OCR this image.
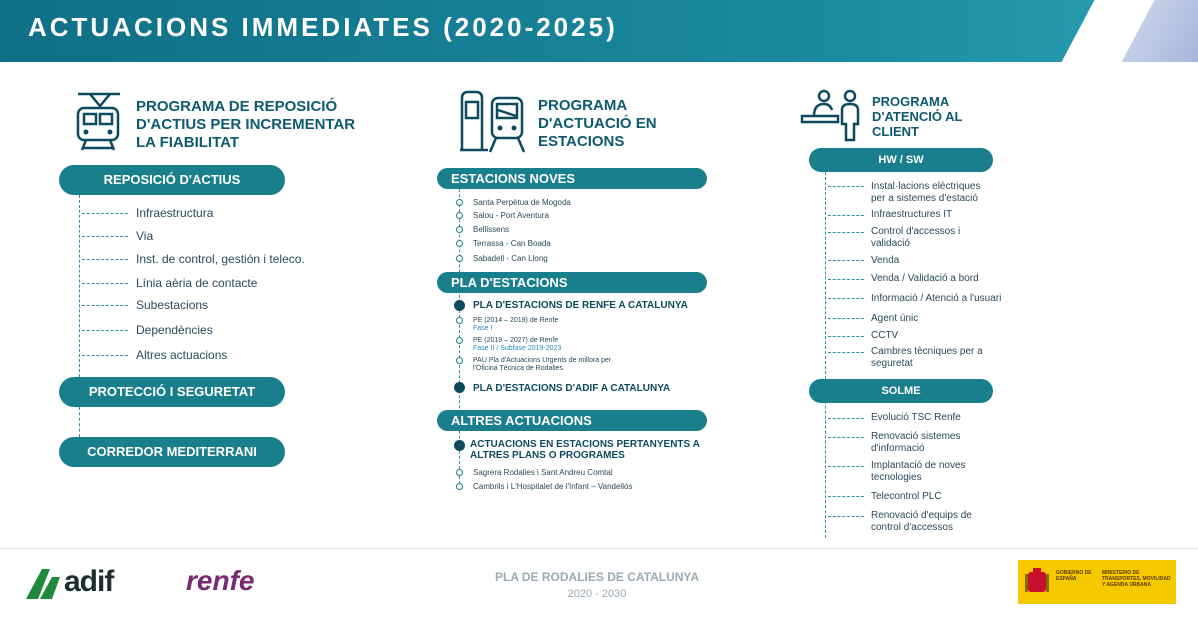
ACTUACIONS IMMEDIATES (2020-2025)
PROGRAMA DE REPOSICIÓ
D'ACTIUS PER INCREMENTAR
LA FIABILITAT
REPOSICIÓ D'ACTIUS
Infraestructura
Via
Inst. de control, gestión i teleco.
Línia aèria de contacte
Subestacions
Dependències
Altres actuacions
PROTECCIÓ I SEGURETAT
CORREDOR MEDITERRANI
PROGRAMA
D'ACTUACIÓ EN
ESTACIONS
ESTACIONS NOVES
Santa Perpètua de Mogoda
Salou - Port Aventura
Bellissens
Terrassa - Can Boada
Sabadell - Can Llong
PLA D'ESTACIONS
PLA D'ESTACIONS DE RENFE A CATALUNYA
PE (2014 – 2019) de Renfe
Fase I
PE (2019 – 2027) de Renfe
Fase II / Subfase 2019-2023
PAU Pla d'Actuacions Urgents de millora per
l'Oficina Tècnica de Rodalies
PLA D'ESTACIONS D'ADIF A CATALUNYA
ALTRES ACTUACIONS
ACTUACIONS EN ESTACIONS PERTANYENTS A
ALTRES PLANS O PROGRAMES
Sagrera Rodalies i Sant Andreu Comtal
Cambrils i L'Hospitalet de l'Infant – Vandellòs
PROGRAMA
D'ATENCIÓ AL
CLIENT
HW / SW
Instal·lacions elèctriques
per a sistemes d'estació
Infraestructures IT
Control d'accessos i
validació
Venda
Venda / Validació a bord
Informació / Atenció a l'usuari
Agent únic
CCTV
Cambres tècniques per a
seguretat
SOLME
Evolució TSC Renfe
Renovació sistemes
d'informació
Implantació de noves
tecnologies
Telecontrol PLC
Renovació d'equips de
control d'accessos
adif	renfe	PLA DE RODALIES DE CATALUNYA
2020 - 2030
GOBIERNO DE ESPAÑA
MINISTERIO DE TRANSPORTES, MOVILIDAD Y AGENDA URBANA
